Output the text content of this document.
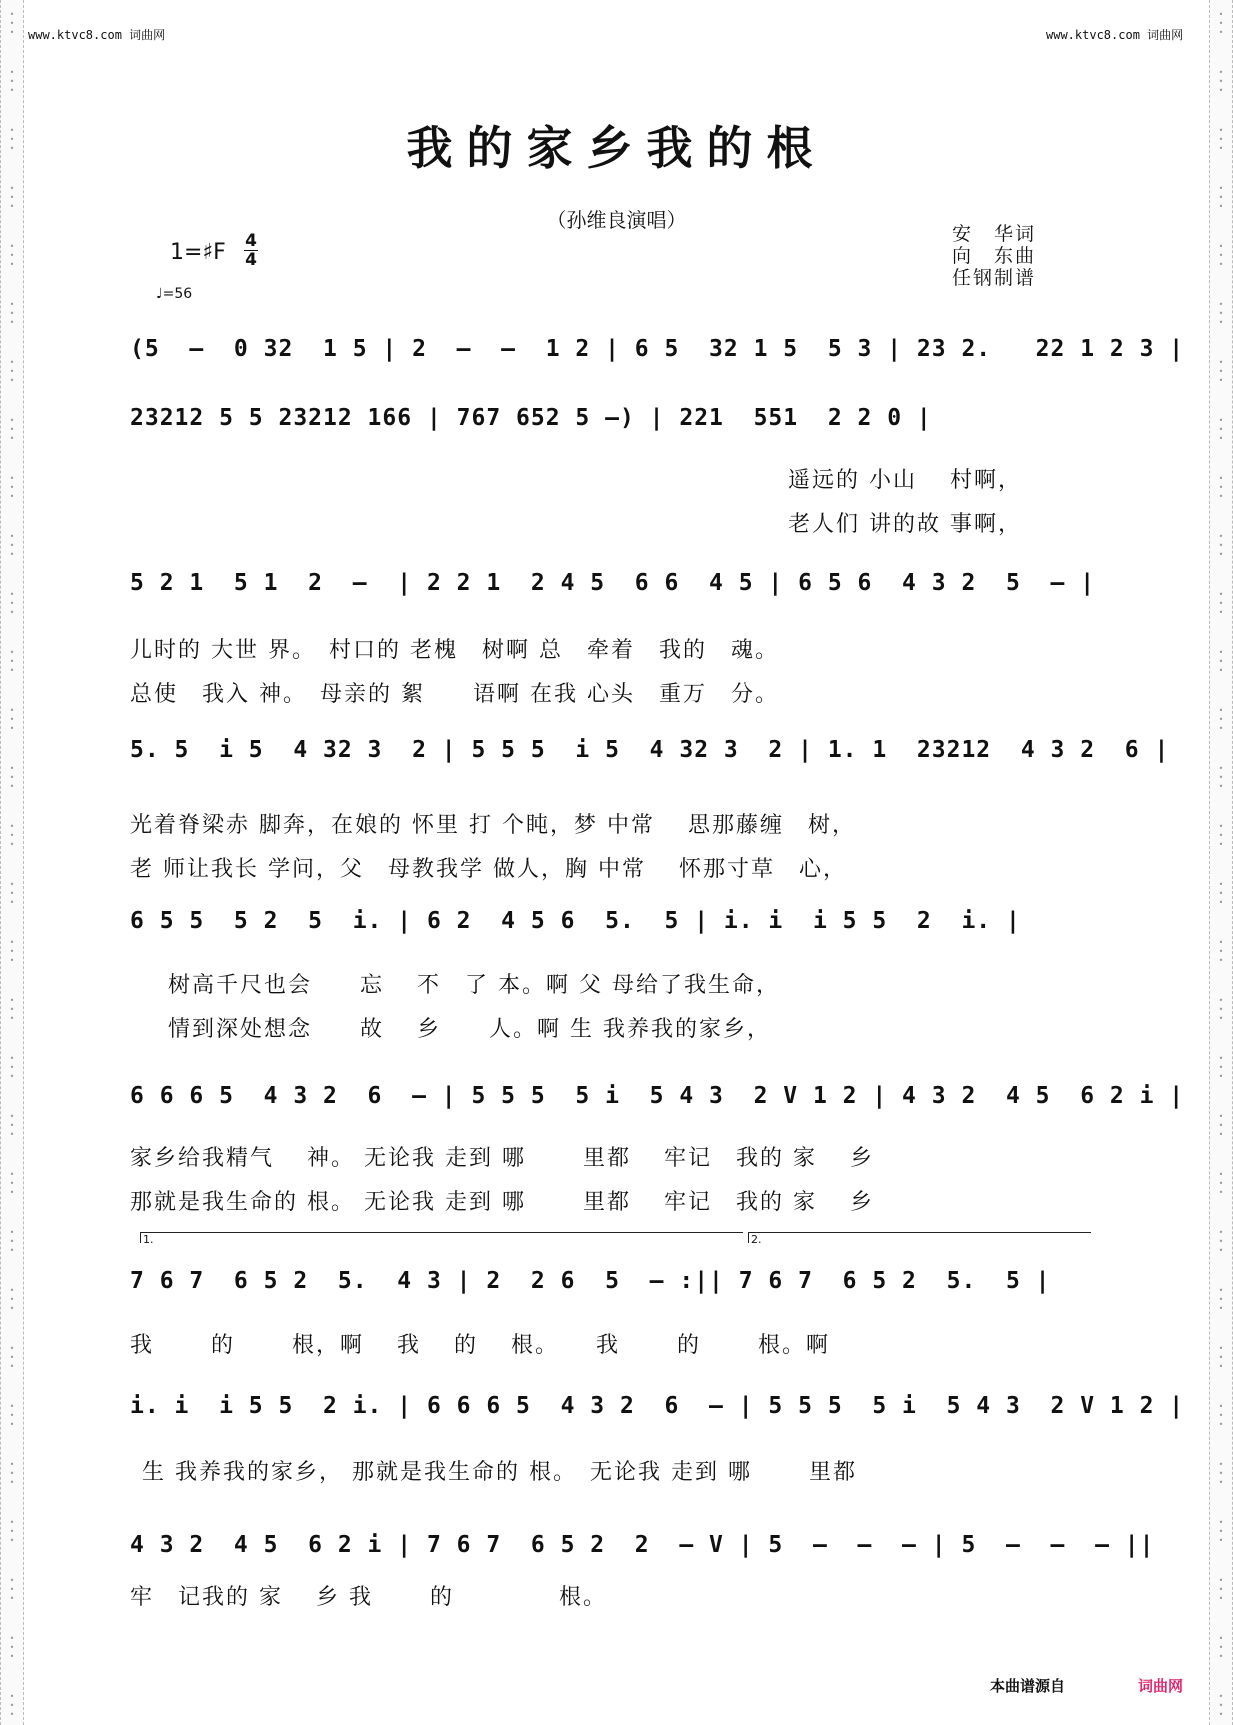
•
•
•
•
•
•
•
•
•
•
•
•
•
•
•
•
•
•
•
•
•
•
•
•
•
•
•
•
•
•
•
•
•
•
•
•
•
•
•
•
•
•
•
•
•
•
•
•
•
•
•
•
•
•
•
•
•
•
•
•
•
•
•
•
•
•
•
•
•
•
•
•
•
•
•
•
•
•
•
•
•
•
•
•
•
•
•
•
•
•
•
•
•
•
•
•
•
•
•
•
•
•
•
•
•
•
•
•
•
•
•
•
•
•
•
•
•
•
•
•
•
•
•
•
•
•
•
•
•
•
•
•
•
•
•
•
•
•
•
•
•
•
•
•
•
•
•
•
•
•
•
•
•
•
•
•
•
•
•
•
•
•
•
•
•
•
•
•
•
•
•
•
•
•
•
•
•
•
•
•
www.ktvc8.com 词曲网	www.ktvc8.com 词曲网
我的家乡我的根
（孙维良演唱）
安　华词
向　东曲
任钢制谱
1=♯F 4
4
♩=56
(5  –  0 32  1 5 | 2  –  –  1 2 | 6 5  32 1 5  5 3 | 23 2.   22 1 2 3 |
23212 5 5 23212 166 | 767 652 5 –) | 221  551  2 2 0 |
遥远的 小山　 村啊，
老人们 讲的故 事啊，
5 2 1  5 1  2  –  | 2 2 1  2 4 5  6 6  4 5 | 6 5 6  4 3 2  5  – |
儿时的 大世 界。　村口的 老槐　树啊 总　牵着　我的　魂。
总使　我入 神。　母亲的 絮　　语啊 在我 心头　重万　分。
5. 5  i 5  4 32 3  2 | 5 5 5  i 5  4 32 3  2 | 1. 1  23212  4 3 2  6 |
光着脊梁赤 脚奔，在娘的 怀里 打 个盹，梦 中常　 思那藤缠　树，
老 师让我长 学问，父　母教我学 做人，胸 中常　 怀那寸草　心，
6 5 5  5 2  5  i. | 6 2  4 5 6  5.  5 | i. i  i 5 5  2  i. |
树高千尺也会　　忘　 不　了 本。啊 父 母给了我生命，
情到深处想念　　故　 乡　　人。啊 生 我养我的家乡，
6 6 6 5  4 3 2  6  – | 5 5 5  5 i  5 4 3  2 V 1 2 | 4 3 2  4 5  6 2 i |
家乡给我精气　 神。 无论我 走到 哪　　 里都　 牢记　我的 家　 乡
那就是我生命的 根。 无论我 走到 哪　　 里都　 牢记　我的 家　 乡
1.	2.
7 6 7  6 5 2  5.  4 3 | 2  2 6  5  – :|| 7 6 7  6 5 2  5.  5 |
我　　 的　　 根，啊　 我　 的　 根。　　我　　 的　　 根。啊
i. i  i 5 5  2 i. | 6 6 6 5  4 3 2  6  – | 5 5 5  5 i  5 4 3  2 V 1 2 |
生 我养我的家乡， 那就是我生命的 根。　无论我 走到 哪　　 里都
4 3 2  4 5  6 2 i | 7 6 7  6 5 2  2  – V | 5  –  –  – | 5  –  –  – ||
牢　记我的 家　 乡 我　　 的　　　　 根。
本曲谱源自	词曲网
